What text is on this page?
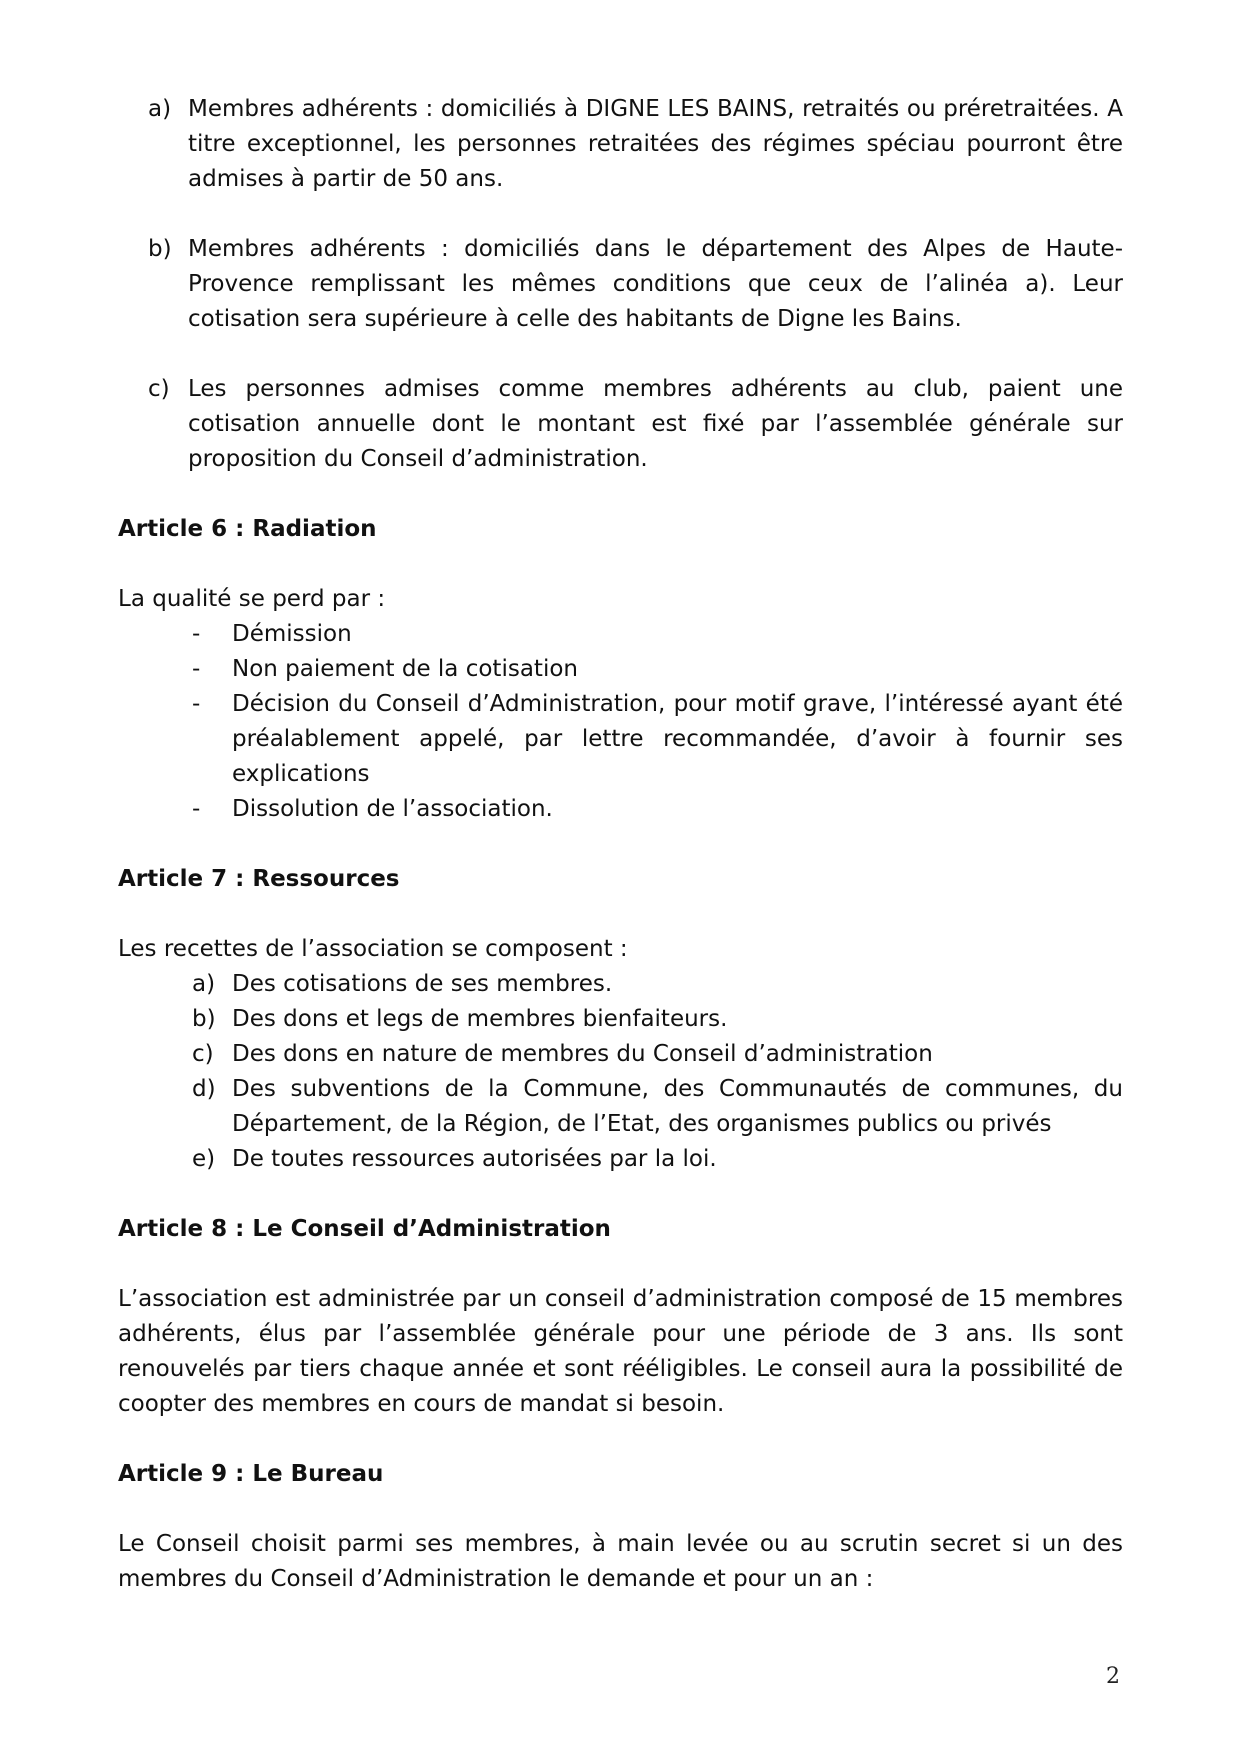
a) Membres adhérents : domiciliés à DIGNE LES BAINS, retraités ou préretraitées. A titre exceptionnel, les personnes retraitées des régimes spéciau pourront être admises à partir de 50 ans.
b) Membres adhérents : domiciliés dans le département des Alpes de Haute-Provence remplissant les mêmes conditions que ceux de l’alinéa a). Leur cotisation sera supérieure à celle des habitants de Digne les Bains.
c) Les personnes admises comme membres adhérents au club, paient une cotisation annuelle dont le montant est fixé par l’assemblée générale sur proposition du Conseil d’administration.

Article 6 : Radiation

La qualité se perd par :

- Démission
- Non paiement de la cotisation
- Décision du Conseil d’Administration, pour motif grave, l’intéressé ayant été préalablement appelé, par lettre recommandée, d’avoir à fournir ses explications
- Dissolution de l’association.

Article 7 : Ressources

Les recettes de l’association se composent :

a) Des cotisations de ses membres.
b) Des dons et legs de membres bienfaiteurs.
c) Des dons en nature de membres du Conseil d’administration
d) Des subventions de la Commune, des Communautés de communes, du Département, de la Région, de l’Etat, des organismes publics ou privés
e) De toutes ressources autorisées par la loi.

Article 8 : Le Conseil d’Administration

L’association est administrée par un conseil d’administration composé de 15 membres adhérents, élus par l’assemblée générale pour une période de 3 ans. Ils sont renouvelés par tiers chaque année et sont rééligibles. Le conseil aura la possibilité de coopter des membres en cours de mandat si besoin.

Article 9 : Le Bureau

Le Conseil choisit parmi ses membres, à main levée ou au scrutin secret si un des membres du Conseil d’Administration le demande et pour un an :

2
